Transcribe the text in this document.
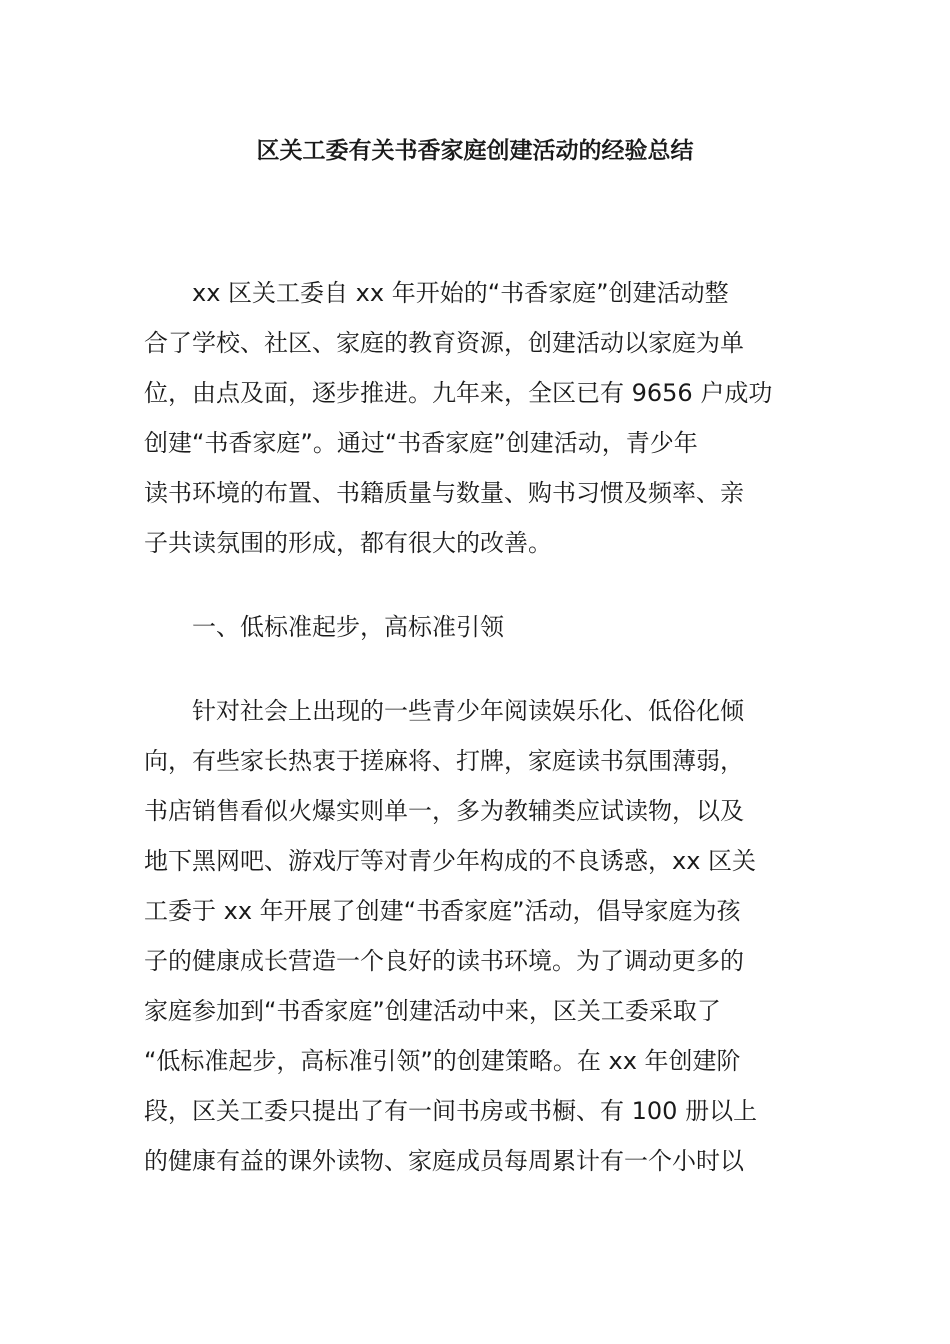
区关工委有关书香家庭创建活动的经验总结

xx 区关工委自 xx 年开始的“书香家庭”创建活动整
合了学校、社区、家庭的教育资源，创建活动以家庭为单
位，由点及面，逐步推进。九年来，全区已有 9656 户成功
创建“书香家庭”。通过“书香家庭”创建活动，青少年
读书环境的布置、书籍质量与数量、购书习惯及频率、亲
子共读氛围的形成，都有很大的改善。

一、低标准起步，高标准引领

针对社会上出现的一些青少年阅读娱乐化、低俗化倾
向，有些家长热衷于搓麻将、打牌，家庭读书氛围薄弱，
书店销售看似火爆实则单一，多为教辅类应试读物，以及
地下黑网吧、游戏厅等对青少年构成的不良诱惑，xx 区关
工委于 xx 年开展了创建“书香家庭”活动，倡导家庭为孩
子的健康成长营造一个良好的读书环境。为了调动更多的
家庭参加到“书香家庭”创建活动中来，区关工委采取了
“低标准起步，高标准引领”的创建策略。在 xx 年创建阶
段，区关工委只提出了有一间书房或书橱、有 100 册以上
的健康有益的课外读物、家庭成员每周累计有一个小时以
